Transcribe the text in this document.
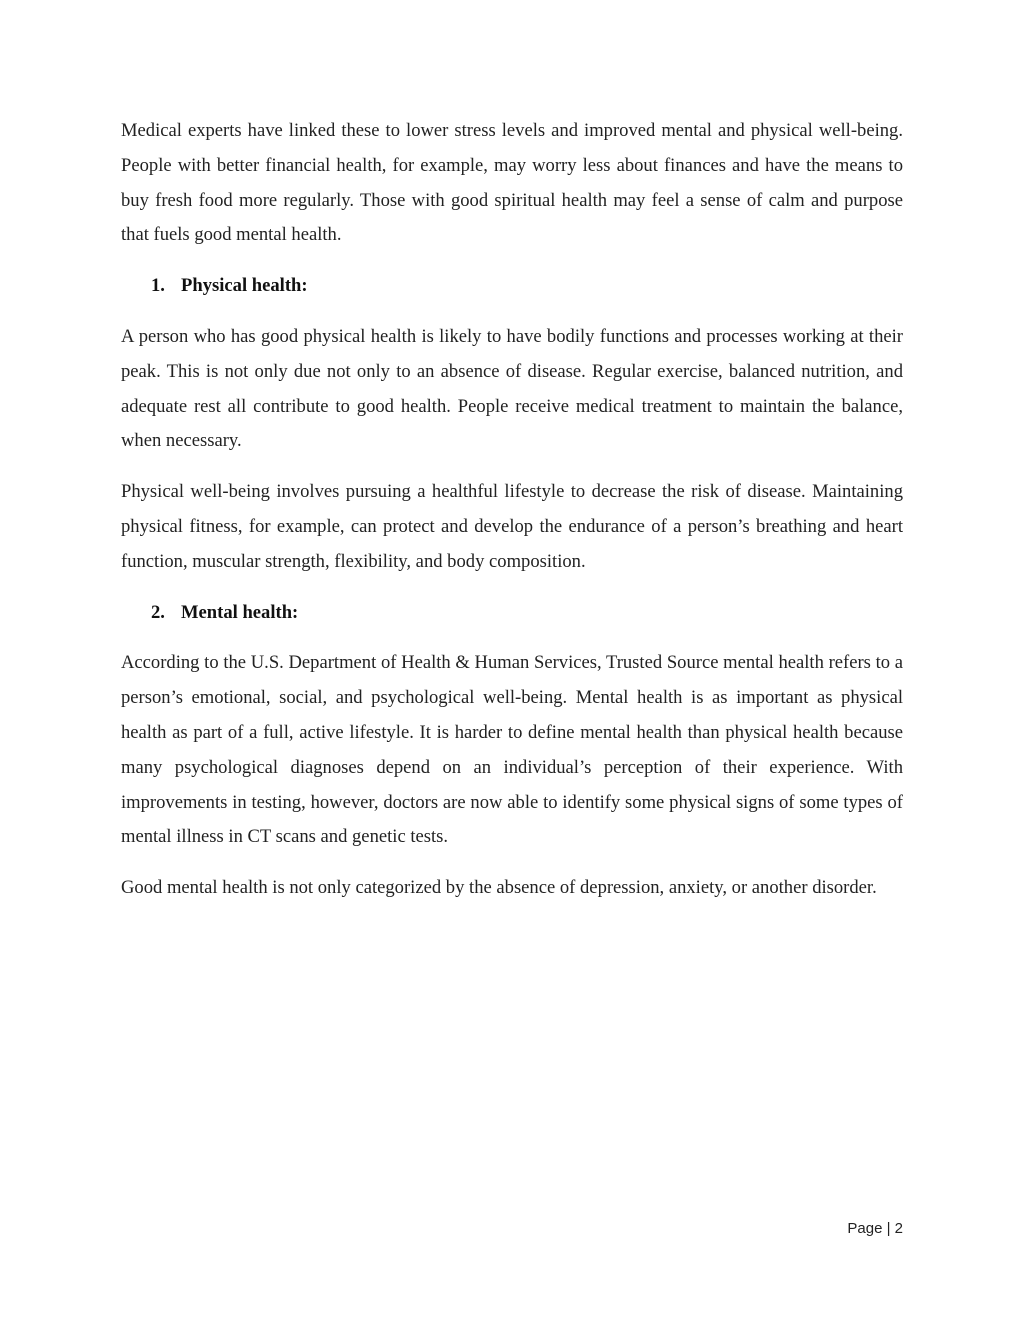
Medical experts have linked these to lower stress levels and improved mental and physical well-being. People with better financial health, for example, may worry less about finances and have the means to buy fresh food more regularly. Those with good spiritual health may feel a sense of calm and purpose that fuels good mental health.

1. Physical health:

A person who has good physical health is likely to have bodily functions and processes working at their peak. This is not only due not only to an absence of disease. Regular exercise, balanced nutrition, and adequate rest all contribute to good health. People receive medical treatment to maintain the balance, when necessary.

Physical well-being involves pursuing a healthful lifestyle to decrease the risk of disease. Maintaining physical fitness, for example, can protect and develop the endurance of a person’s breathing and heart function, muscular strength, flexibility, and body composition.

2. Mental health:

According to the U.S. Department of Health & Human Services, Trusted Source mental health refers to a person’s emotional, social, and psychological well-being. Mental health is as important as physical health as part of a full, active lifestyle. It is harder to define mental health than physical health because many psychological diagnoses depend on an individual’s perception of their experience. With improvements in testing, however, doctors are now able to identify some physical signs of some types of mental illness in CT scans and genetic tests.

Good mental health is not only categorized by the absence of depression, anxiety, or another disorder.

Page | 2
